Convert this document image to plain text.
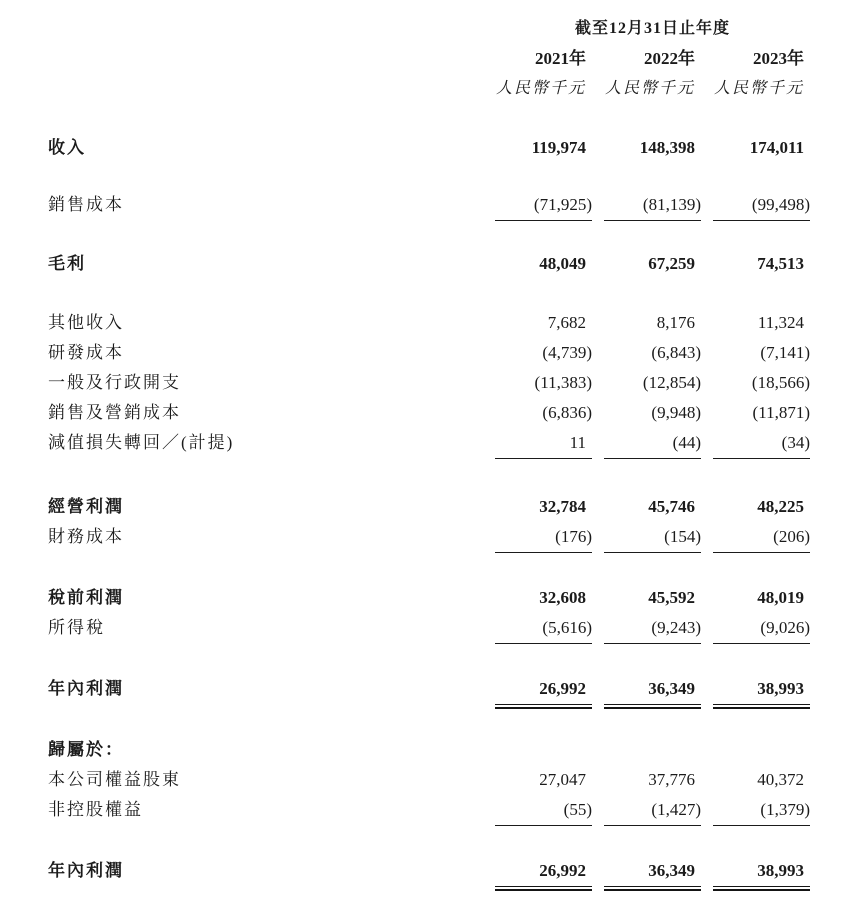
截至12月31日止年度
2021年	2022年	2023年
人民幣千元	人民幣千元	人民幣千元
收入	119,974	148,398	174,011
銷售成本	(71,925)	(81,139)	(99,498)
毛利	48,049	67,259	74,513
其他收入	7,682	8,176	11,324
研發成本	(4,739)	(6,843)	(7,141)
一般及行政開支	(11,383)	(12,854)	(18,566)
銷售及營銷成本	(6,836)	(9,948)	(11,871)
減值損失轉回／(計提)	11	(44)	(34)
經營利潤	32,784	45,746	48,225
財務成本	(176)	(154)	(206)
稅前利潤	32,608	45,592	48,019
所得稅	(5,616)	(9,243)	(9,026)
年內利潤	26,992	36,349	38,993
歸屬於：
本公司權益股東	27,047	37,776	40,372
非控股權益	(55)	(1,427)	(1,379)
年內利潤	26,992	36,349	38,993
